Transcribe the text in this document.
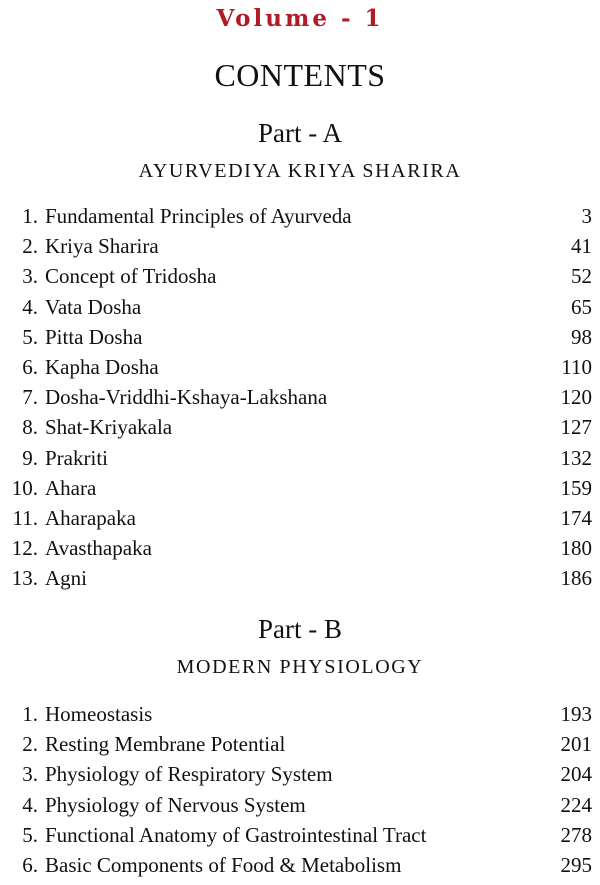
Volume - 1
CONTENTS
Part - A
AYURVEDIYA KRIYA SHARIRA
1. Fundamental Principles of Ayurveda	3
2. Kriya Sharira	41
3. Concept of Tridosha	52
4. Vata Dosha	65
5. Pitta Dosha	98
6. Kapha Dosha	110
7. Dosha-Vriddhi-Kshaya-Lakshana	120
8. Shat-Kriyakala	127
9. Prakriti	132
10. Ahara	159
11. Aharapaka	174
12. Avasthapaka	180
13. Agni	186
Part - B
MODERN PHYSIOLOGY
1. Homeostasis	193
2. Resting Membrane Potential	201
3. Physiology of Respiratory System	204
4. Physiology of Nervous System	224
5. Functional Anatomy of Gastrointestinal Tract	278
6. Basic Components of Food & Metabolism	295
